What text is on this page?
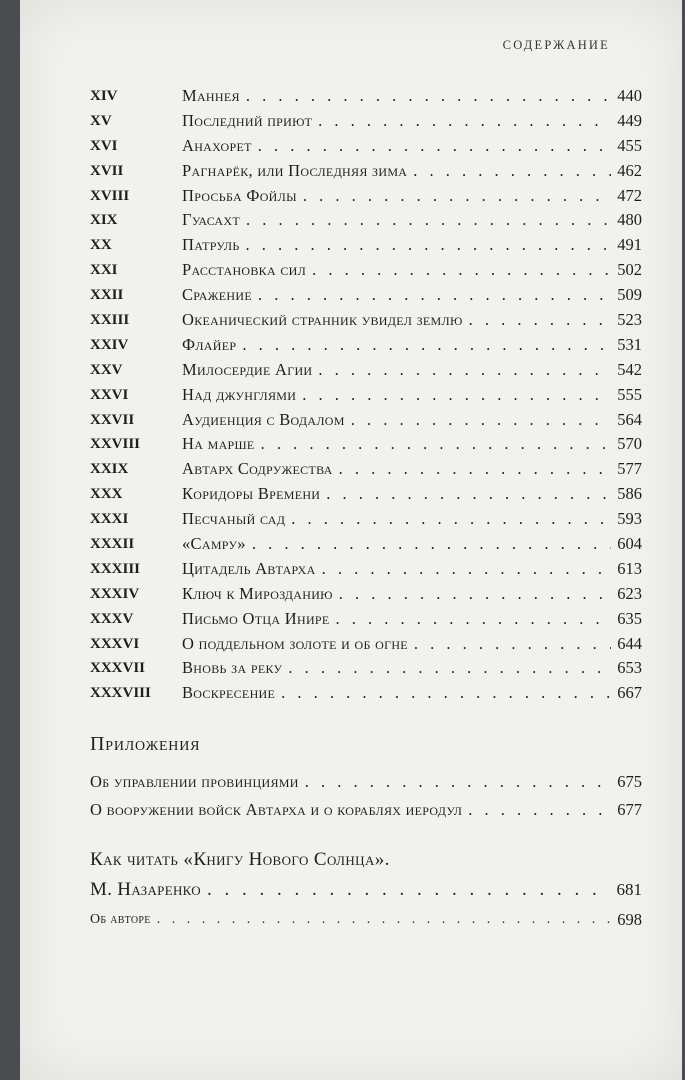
СОДЕРЖАНИЕ
XIV	Маннея . . .	440
XV	Последний приют . . .	449
XVI	Анахорет . . .	455
XVII	Рагнарёк, или Последняя зима . . .	462
XVIII	Просьба Фойлы . . .	472
XIX	Гуасахт . . .	480
XX	Патруль . . .	491
XXI	Расстановка сил . . .	502
XXII	Сражение . . .	509
XXIII	Океанический странник увидел землю . . .	523
XXIV	Флайер . . .	531
XXV	Милосердие Агии . . .	542
XXVI	Над джунглями . . .	555
XXVII	Аудиенция с Водалом . . .	564
XXVIII	На марше . . .	570
XXIX	Автарх Содружества . . .	577
XXX	Коридоры Времени . . .	586
XXXI	Песчаный сад . . .	593
XXXII	«Самру» . . .	604
XXXIII	Цитадель Автарха . . .	613
XXXIV	Ключ к Мирозданию . . .	623
XXXV	Письмо Отца Инире . . .	635
XXXVI	О поддельном золоте и об огне . . .	644
XXXVII Вновь за реку . . .	653
XXXVIII Воскресение . . .	667
Приложения
Об управлении провинциями . . .	675
О вооружении войск Автарха и о кораблях иеродул . . .	677
Как читать «Книгу Нового Солнца».
М. Назаренко . . .	681
Об авторе . . .	698
